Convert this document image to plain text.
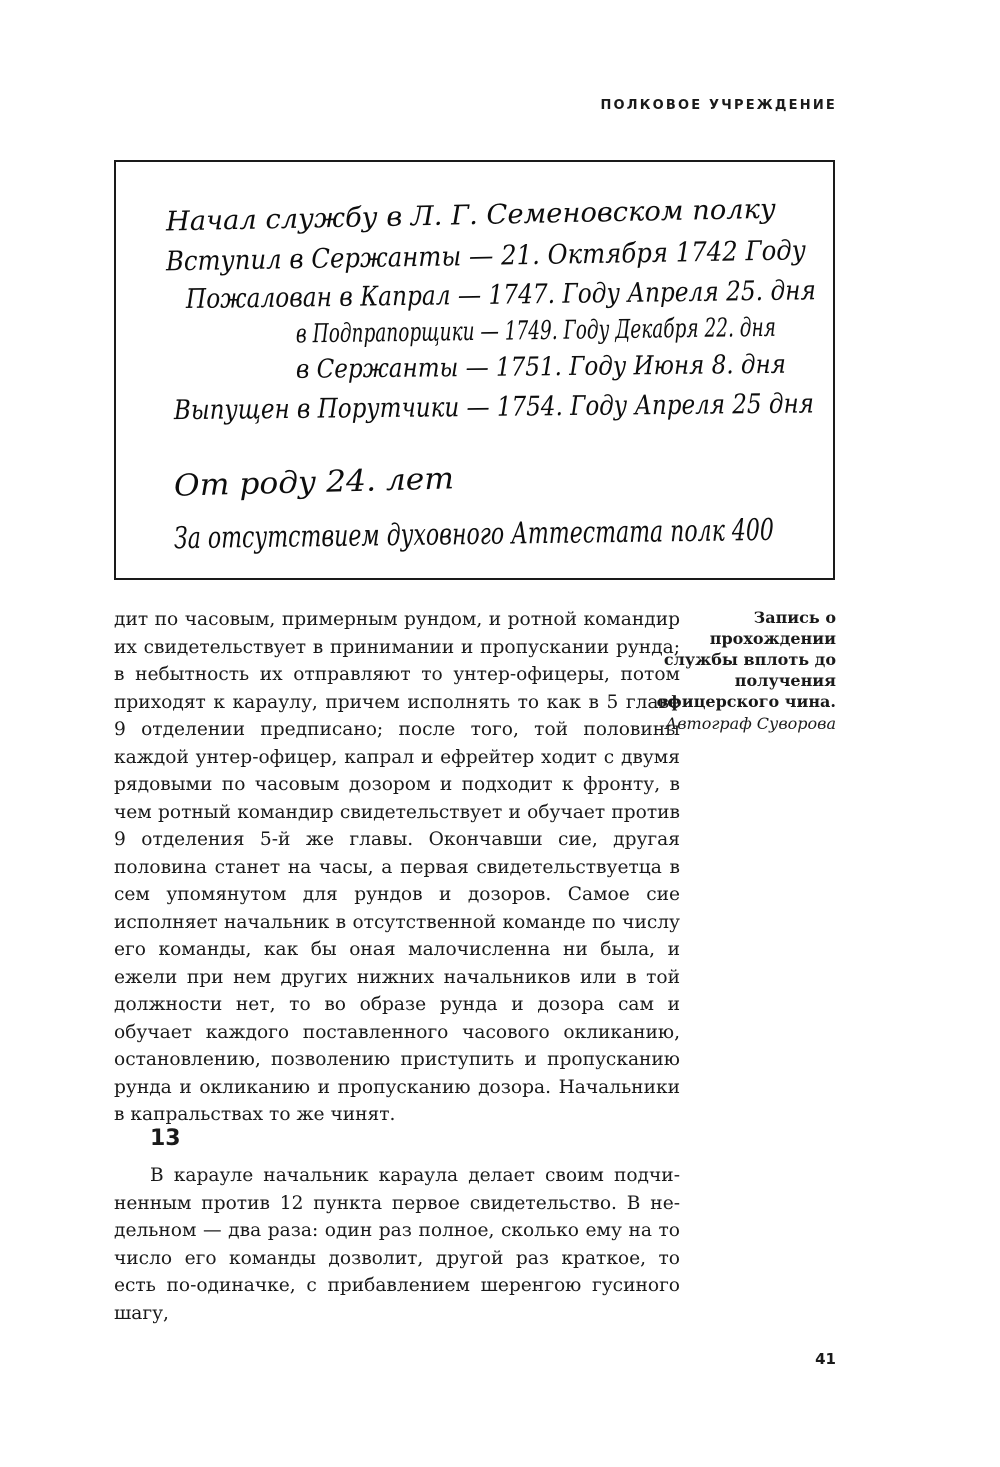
ПОЛКОВОЕ УЧРЕЖДЕНИЕ
Начал службу в Л. Г. Семеновском полку
Вступил в Сержанты — 21. Октября 1742 Году
Пожалован в Капрал — 1747. Году Апреля 25. дня
в Подпрапорщики — 1749. Году Декабря 22. дня
в Сержанты — 1751. Году Июня 8. дня
Выпущен в Порутчики — 1754. Году Апреля 25 дня
От роду 24. лет
За отсутствием духовного Аттестата полк 400
Запись о прохождении службы вплоть до получения офицерского чина.
Автограф Суворова

дит по часовым, примерным рундом, и ротной командир их свидетельствует в принимании и пропускании рунда; в небытность их отправляют то унтер-офицеры, потом приходят к караулу, причем исполнять то как в 5 главе 9 отделении предписано; после того, той половины каждой унтер-офицер, капрал и ефрейтер ходит с двумя рядовыми по часовым дозором и подходит к фронту, в чем ротный командир свидетельствует и обучает против 9 отделения 5-й же главы. Окончавши сие, другая половина станет на часы, а первая свидетельствуетца в сем упомянутом для рундов и дозоров. Самое сие исполняет начальник в отсутственной команде по числу его команды, как бы оная малочисленна ни была, и ежели при нем других нижних начальников или в той должности нет, то во образе рунда и дозора сам и обучает каждого поставленного часового окликанию, остановлению, позволению приступить и пропусканию рунда и окликанию и пропусканию дозора. Начальники в капральствах то же чинят.

13

В карауле начальник караула делает своим подчиненным против 12 пункта первое свидетельство. В недельном — два раза: один раз полное, сколько ему на то число его команды дозволит, другой раз краткое, то есть по-одиначке, с прибавлением шеренгою гусиного шагу,

41
